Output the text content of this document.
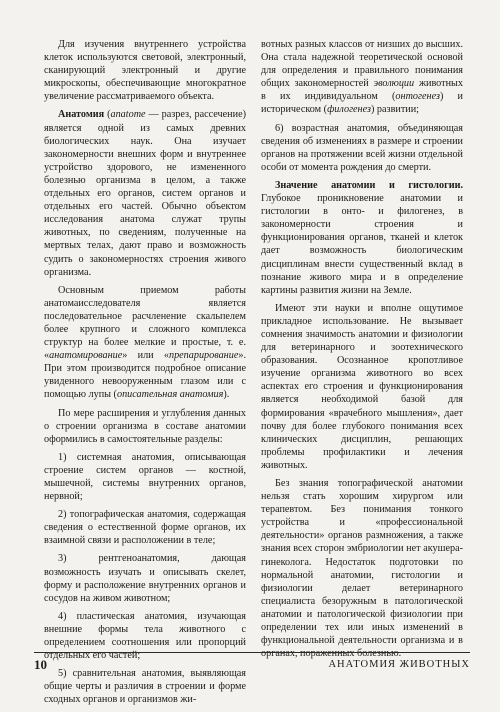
Для изучения внутреннего устройства клеток используются световой, электронный, сканирующий электронный и другие микроскопы, обеспечивающие многократное увеличение рассматриваемого объекта.

Анатомия (anatome — разрез, рассечение) является одной из самых древних биологических наук. Она изучает закономерности внешних форм и внутреннее устройство здорового, не измененного болезнью организма в целом, а также отдельных его органов, систем органов и отдельных его частей. Обычно объектом исследования анатома служат трупы животных, по сведениям, полученные на мертвых телах, дают право и возможность судить о закономерностях строения живого организма.

Основным приемом работы анатомаисследователя является последовательное расчленение скальпелем более крупного и сложного комплекса структур на более мелкие и простые, т. е. «анатомирование» или «препарирование». При этом производится подробное описание увиденного невооруженным глазом или с помощью лупы (описательная анатомия).

По мере расширения и углубления данных о строении организма в составе анатомии оформились в самостоятельные разделы:

1) системная анатомия, описывающая строение систем органов — костной, мышечной, системы внутренних органов, нервной;

2) топографическая анатомия, содержащая сведения о естественной форме органов, их взаимной связи и расположении в теле;

3) рентгеноанатомия, дающая возможность изучать и описывать скелет, форму и расположение внутренних органов и сосудов на живом животном;

4) пластическая анатомия, изучающая внешние формы тела животного с определением соотношения или пропорций отдельных его частей;

5) сравнительная анатомия, выявляющая общие черты и различия в строении и форме сходных органов и организмов жи-

вотных разных классов от низших до высших. Она стала надежной теоретической основой для определения и правильного понимания общих закономерностей эволюции животных в их индивидуальном (онтогенез) и историческом (филогенез) развитии;

6) возрастная анатомия, объединяющая сведения об изменениях в размере и строении органов на протяжении всей жизни отдельной особи от момента рождения до смерти.

Значение анатомии и гистологии. Глубокое проникновение анатомии и гистологии в онто- и филогенез, в закономерности строения и функционирования органов, тканей и клеток дает возможность биологическим дисциплинам внести существенный вклад в познание живого мира и в определение картины развития жизни на Земле.

Имеют эти науки и вполне ощутимое прикладное использование. Не вызывает сомнения значимость анатомии и физиологии для ветеринарного и зоотехнического образования. Осознанное кропотливое изучение организма животного во всех аспектах его строения и функционирования является необходимой базой для формирования «врачебного мышления», дает почву для более глубокого понимания всех клинических дисциплин, решающих проблемы профилактики и лечения животных.

Без знания топографической анатомии нельзя стать хорошим хирургом или терапевтом. Без понимания тонкого устройства и «профессиональной деятельности» органов размножения, а также знания всех сторон эмбриологии нет акушера-гинеколога. Недостаток подготовки по нормальной анатомии, гистологии и физиологии делает ветеринарного специалиста безоружным в патологической анатомии и патологической физиологии при определении тех или иных изменений в функциональной деятельности организма и в органах, пораженных болезнью.

10	АНАТОМИЯ ЖИВОТНЫХ
